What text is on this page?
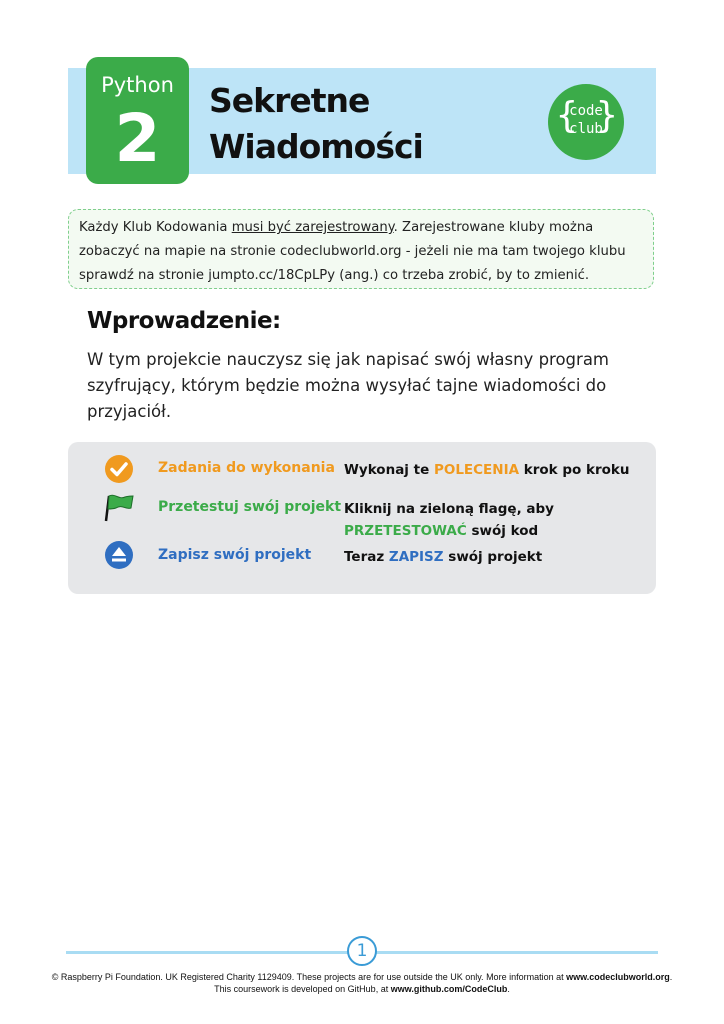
Python
2	Sekretne
Wiadomości
{
code
club
}
Każdy Klub Kodowania musi być zarejestrowany. Zarejestrowane kluby można zobaczyć na mapie na stronie codeclubworld.org - jeżeli nie ma tam twojego klubu sprawdź na stronie jumpto.cc/18CpLPy (ang.) co trzeba zrobić, by to zmienić.
Wprowadzenie:
W tym projekcie nauczysz się jak napisać swój własny program szyfrujący, którym będzie można wysyłać tajne wiadomości do przyjaciół.
Zadania do wykonania Wykonaj te POLECENIA krok po kroku
Przetestuj swój projekt Kliknij na zieloną flagę, aby
PRZETESTOWAĆ swój kod
Zapisz swój projekt Teraz ZAPISZ swój projekt
1
© Raspberry Pi Foundation. UK Registered Charity 1129409. These projects are for use outside the UK only. More information at www.codeclubworld.org.
This coursework is developed on GitHub, at www.github.com/CodeClub.
